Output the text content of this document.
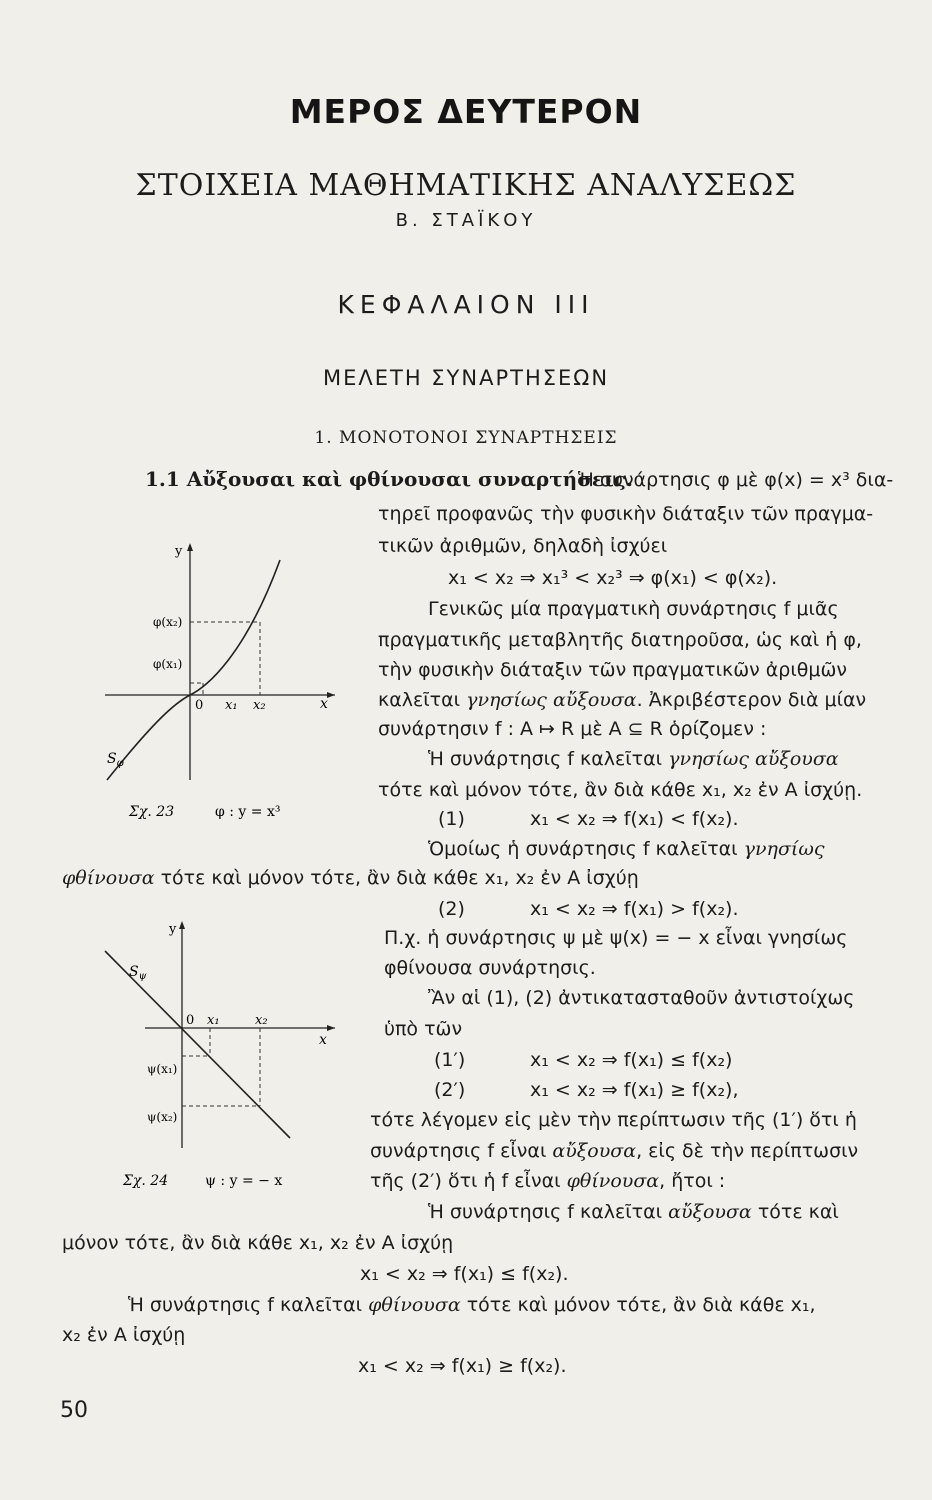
ΜΕΡΟΣ ΔΕΥΤΕΡΟΝ
ΣΤΟΙΧΕΙΑ ΜΑΘΗΜΑΤΙΚΗΣ ΑΝΑΛΥΣΕΩΣ
Β. ΣΤΑΪΚΟΥ
ΚΕΦΑΛΑΙΟΝ III
ΜΕΛΕΤΗ ΣΥΝΑΡΤΗΣΕΩΝ
1. ΜΟΝΟΤΟΝΟΙ ΣΥΝΑΡΤΗΣΕΙΣ
1.1 Αὔξουσαι καὶ φθίνουσαι συναρτήσεις.
Ἡ συνάρτησις φ μὲ φ(x) = x³ δια-
τηρεῖ προφανῶς τὴν φυσικὴν διάταξιν τῶν πραγμα-
τικῶν ἀριθμῶν, δηλαδὴ ἰσχύει
x₁ < x₂ ⇒ x₁³ < x₂³ ⇒ φ(x₁) < φ(x₂).
Γενικῶς μία πραγματικὴ συνάρτησις f μιᾶς
πραγματικῆς μεταβλητῆς διατηροῦσα, ὡς καὶ ἡ φ,
τὴν φυσικὴν διάταξιν τῶν πραγματικῶν ἀριθμῶν
καλεῖται γνησίως αὔξουσα. Ἀκριβέστερον διὰ μίαν
συνάρτησιν f : A ↦ R μὲ A ⊆ R ὁρίζομεν :
Ἡ συνάρτησις f καλεῖται γνησίως αὔξουσα
τότε καὶ μόνον τότε, ἂν διὰ κάθε x₁, x₂ ἐν A ἰσχύῃ.
(1)	x₁ < x₂ ⇒ f(x₁) < f(x₂).
Ὁμοίως ἡ συνάρτησις f καλεῖται γνησίως
φθίνουσα τότε καὶ μόνον τότε, ἂν διὰ κάθε x₁, x₂ ἐν A ἰσχύῃ
(2)	x₁ < x₂ ⇒ f(x₁) > f(x₂).
Π.χ. ἡ συνάρτησις ψ μὲ ψ(x) = − x εἶναι γνησίως
φθίνουσα συνάρτησις.
Ἂν αἱ (1), (2) ἀντικατασταθοῦν ἀντιστοίχως
ὑπὸ τῶν
(1′)	x₁ < x₂ ⇒ f(x₁) ≤ f(x₂)
(2′)	x₁ < x₂ ⇒ f(x₁) ≥ f(x₂),
τότε λέγομεν εἰς μὲν τὴν περίπτωσιν τῆς (1′) ὅτι ἡ
συνάρτησις f εἶναι αὔξουσα, εἰς δὲ τὴν περίπτωσιν
τῆς (2′) ὅτι ἡ f εἶναι φθίνουσα, ἤτοι :
Ἡ συνάρτησις f καλεῖται αὔξουσα τότε καὶ
μόνον τότε, ἂν διὰ κάθε x₁, x₂ ἐν A ἰσχύῃ
x₁ < x₂ ⇒ f(x₁) ≤ f(x₂).
Ἡ συνάρτησις f καλεῖται φθίνουσα τότε καὶ μόνον τότε, ἂν διὰ κάθε x₁,
x₂ ἐν A ἰσχύῃ
x₁ < x₂ ⇒ f(x₁) ≥ f(x₂).
y
x
0 x₁ x₂
φ(x₂)
φ(x₁)
$S_\varphi$
Σχ. 23	φ : y = x³
y
x
0 x₁	x₂
ψ(x₁)
ψ(x₂)
$S_\psi$
Σχ. 24	ψ : y = − x
50
